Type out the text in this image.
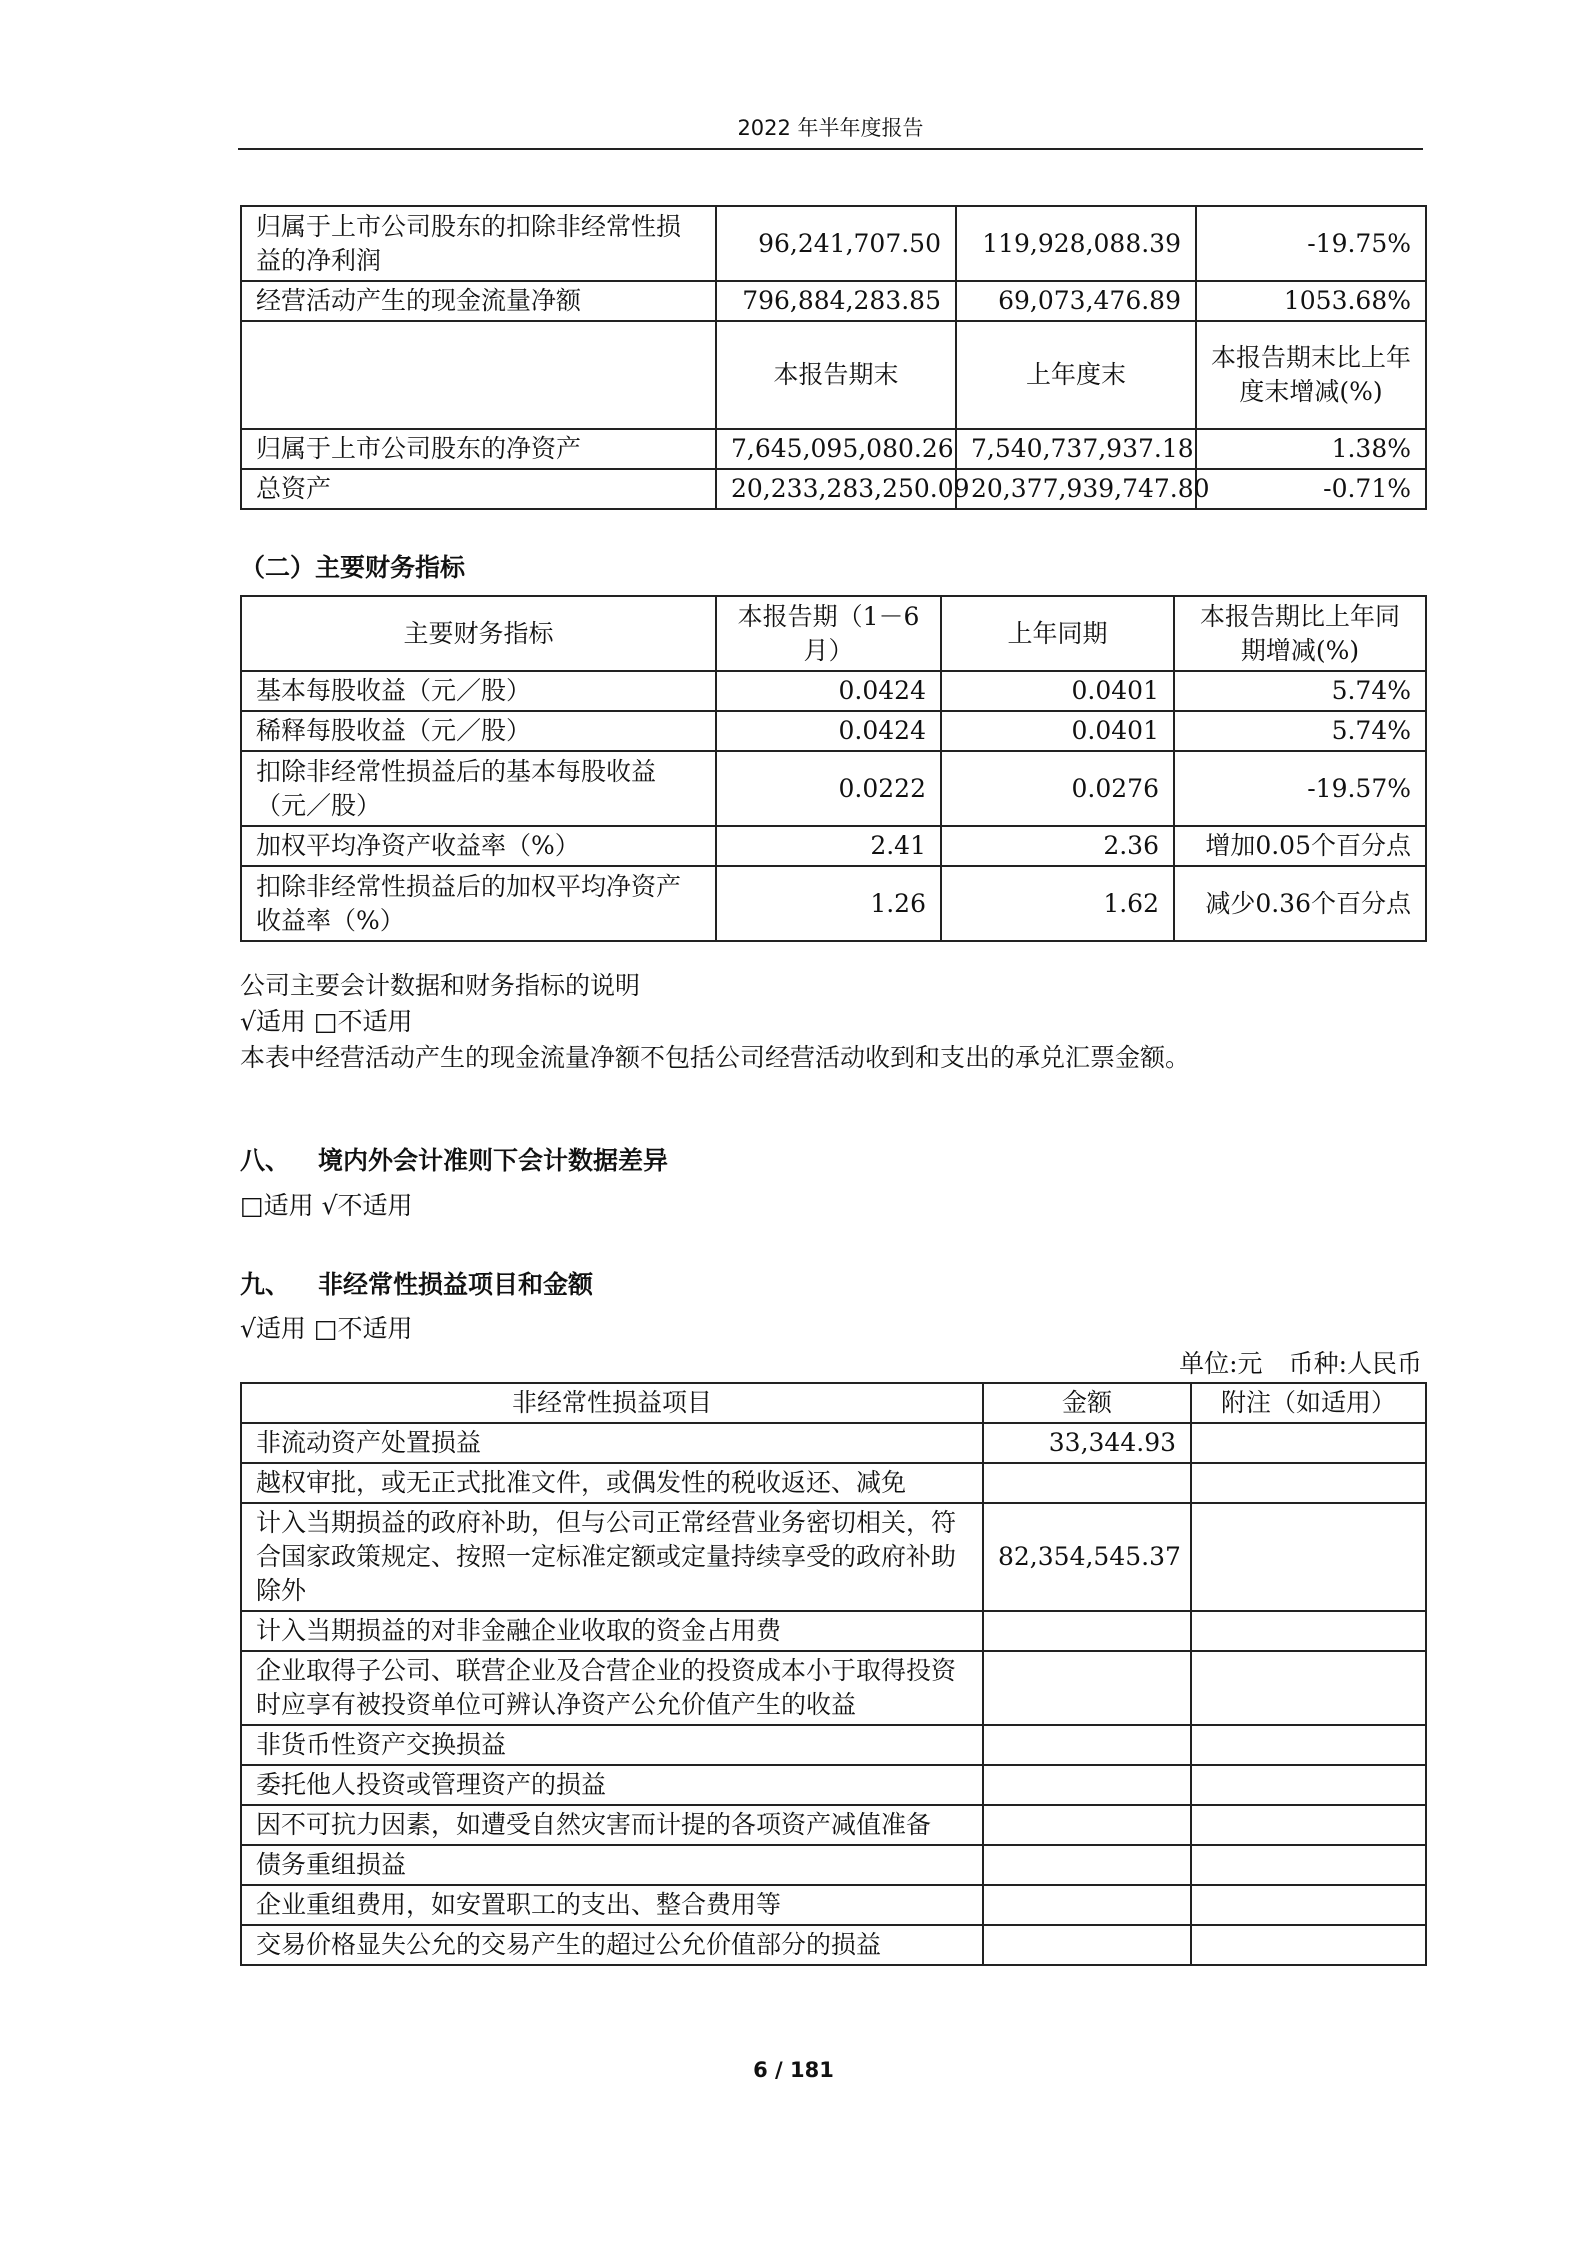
2022 年半年度报告
归属于上市公司股东的扣除非经常性损益的净利润	96,241,707.50	119,928,088.39	-19.75%
经营活动产生的现金流量净额	796,884,283.85	69,073,476.89	1053.68%
	本报告期末	上年度末	本报告期末比上年度末增减(%)
归属于上市公司股东的净资产	7,645,095,080.26	7,540,737,937.18	1.38%
总资产	20,233,283,250.09	20,377,939,747.80	-0.71%
（二）主要财务指标
主要财务指标	本报告期（1－6月）	上年同期	本报告期比上年同期增减(%)
基本每股收益（元／股）	0.0424	0.0401	5.74%
稀释每股收益（元／股）	0.0424	0.0401	5.74%
扣除非经常性损益后的基本每股收益（元／股）	0.0222	0.0276	-19.57%
加权平均净资产收益率（%）	2.41	2.36	增加0.05个百分点
扣除非经常性损益后的加权平均净资产收益率（%）	1.26	1.62	减少0.36个百分点
公司主要会计数据和财务指标的说明
√适用 □不适用
本表中经营活动产生的现金流量净额不包括公司经营活动收到和支出的承兑汇票金额。
八、 境内外会计准则下会计数据差异
□适用 √不适用
九、 非经常性损益项目和金额
√适用 □不适用
单位:元 币种:人民币
非经常性损益项目	金额	附注（如适用）
非流动资产处置损益	33,344.93	
越权审批，或无正式批准文件，或偶发性的税收返还、减免		
计入当期损益的政府补助，但与公司正常经营业务密切相关，符合国家政策规定、按照一定标准定额或定量持续享受的政府补助除外	82,354,545.37	
计入当期损益的对非金融企业收取的资金占用费		
企业取得子公司、联营企业及合营企业的投资成本小于取得投资时应享有被投资单位可辨认净资产公允价值产生的收益		
非货币性资产交换损益		
委托他人投资或管理资产的损益		
因不可抗力因素，如遭受自然灾害而计提的各项资产减值准备		
债务重组损益		
企业重组费用，如安置职工的支出、整合费用等		
交易价格显失公允的交易产生的超过公允价值部分的损益		
6 / 181
